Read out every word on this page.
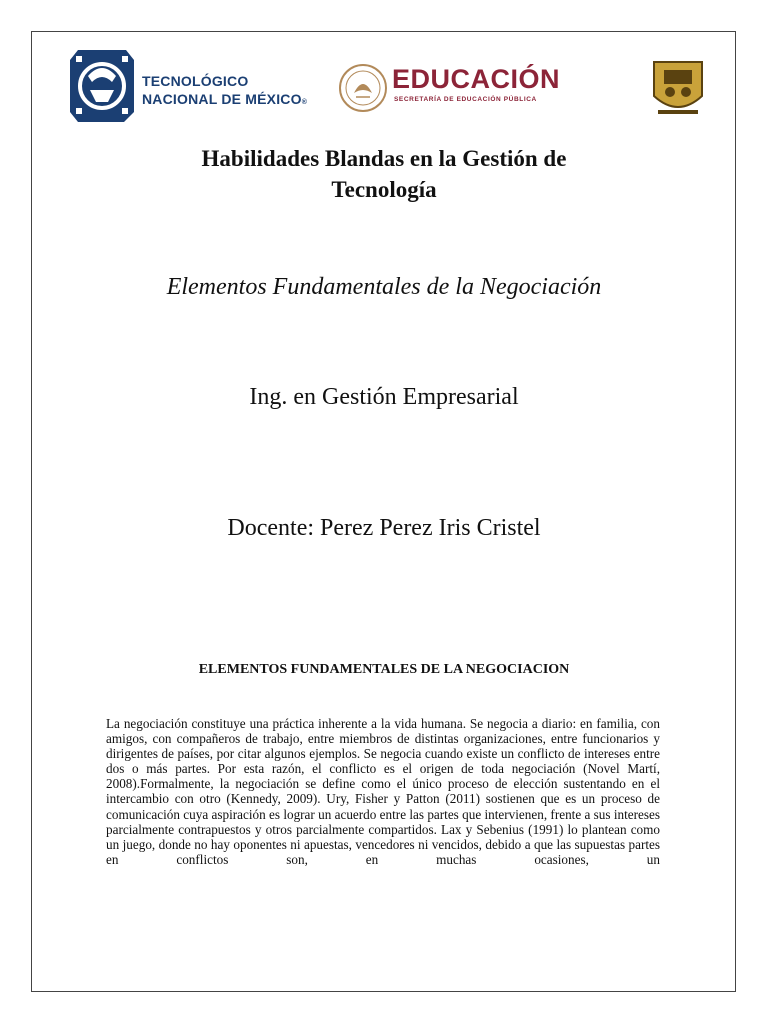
TECNOLÓGICO
NACIONAL DE MÉXICO®
EDUCACIÓN
SECRETARÍA DE EDUCACIÓN PÚBLICA
Habilidades Blandas en la Gestión de
Tecnología
Elementos Fundamentales de la Negociación
Ing. en Gestión Empresarial
Docente: Perez Perez Iris Cristel
ELEMENTOS FUNDAMENTALES DE LA NEGOCIACION
La negociación constituye una práctica inherente a la vida humana. Se negocia a diario: en familia, con amigos, con compañeros de trabajo, entre miembros de distintas organizaciones, entre funcionarios y dirigentes de países, por citar algunos ejemplos. Se negocia cuando existe un conflicto de intereses entre dos o más partes. Por esta razón, el conflicto es el origen de toda negociación (Novel Martí, 2008).Formalmente, la negociación se define como el único proceso de elección sustentando en el intercambio con otro (Kennedy, 2009). Ury, Fisher y Patton (2011) sostienen que es un proceso de comunicación cuya aspiración es lograr un acuerdo entre las partes que intervienen, frente a sus intereses parcialmente contrapuestos y otros parcialmente compartidos. Lax y Sebenius (1991) lo plantean como un juego, donde no hay oponentes ni apuestas, vencedores ni vencidos, debido a que las supuestas partes en conflictos son, en muchas ocasiones, un
